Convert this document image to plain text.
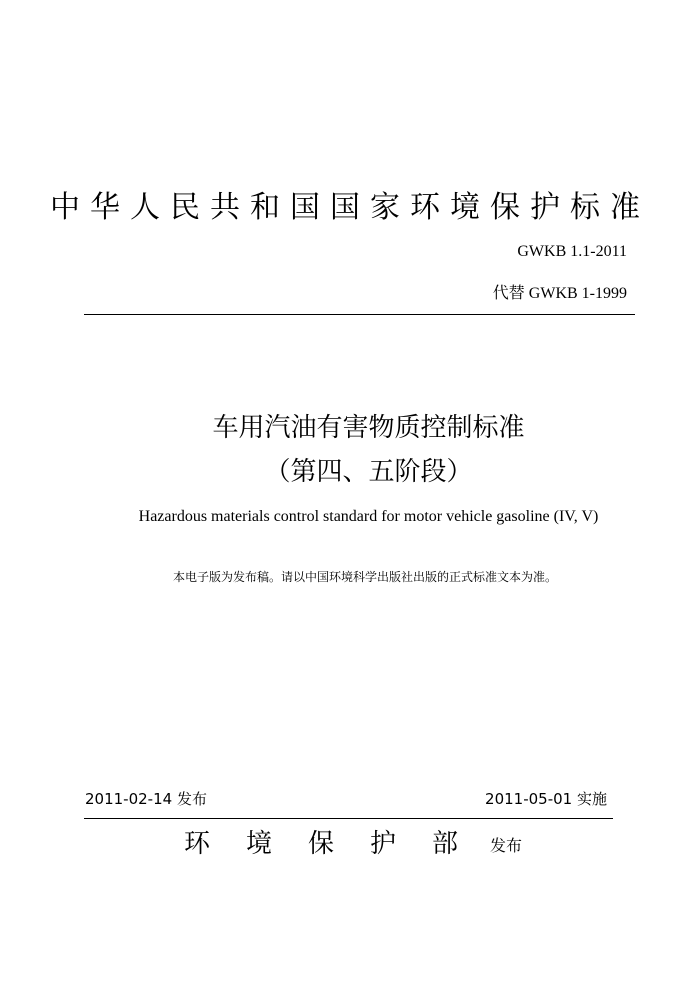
中华人民共和国国家环境保护标准
GWKB 1.1-2011
代替 GWKB 1-1999
车用汽油有害物质控制标准
（第四、五阶段）
Hazardous materials control standard for motor vehicle gasoline (IV, V)
本电子版为发布稿。请以中国环境科学出版社出版的正式标准文本为准。
2011-02-14 发布	2011-05-01 实施
环境保护部
发布
